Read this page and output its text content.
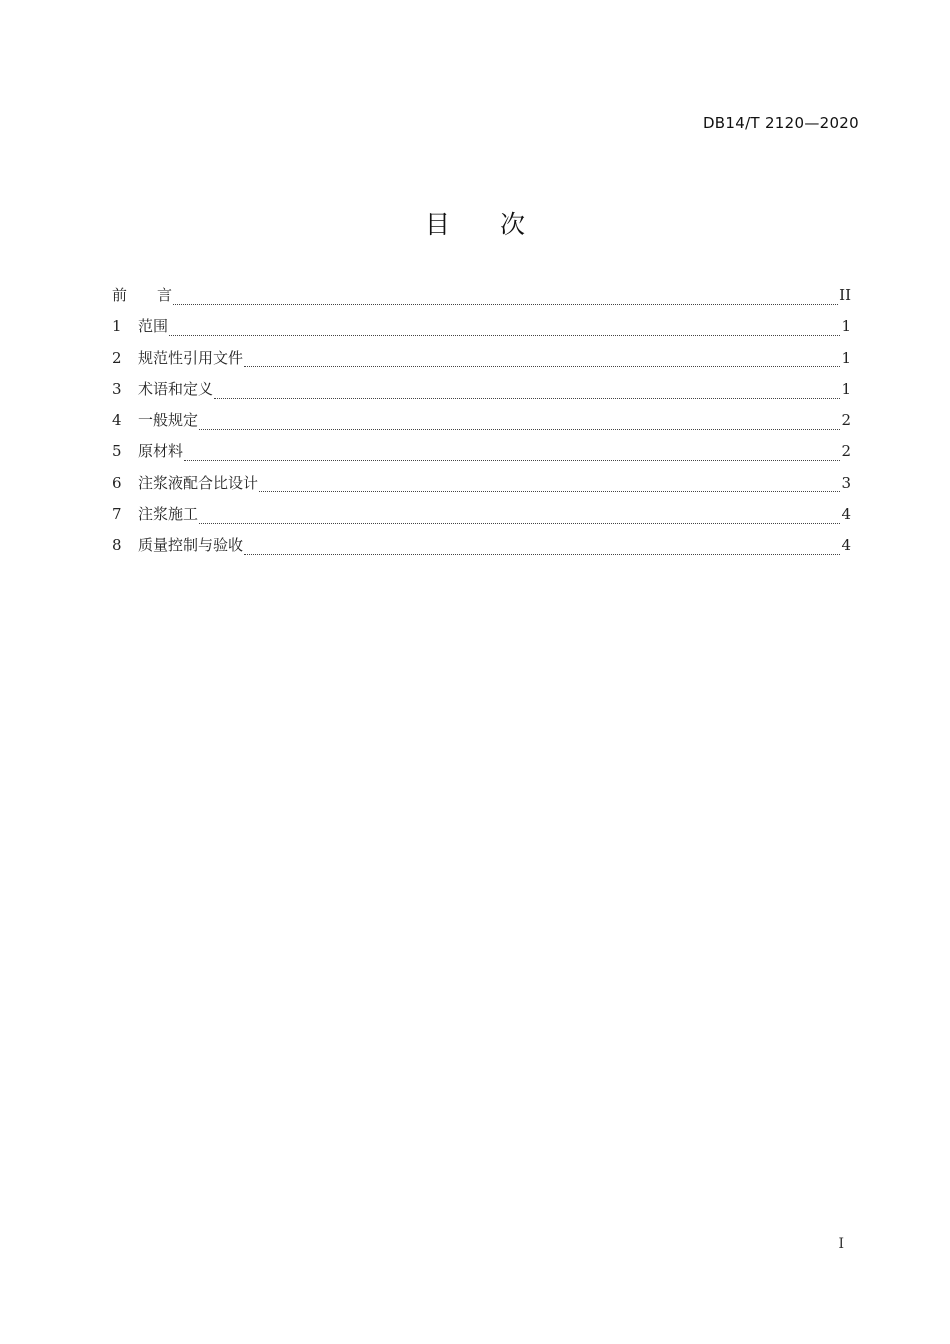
DB14/T 2120—2020
目　　次
前　　言	II
1	范围	1
2	规范性引用文件	1
3	术语和定义	1
4	一般规定	2
5	原材料	2
6	注浆液配合比设计	3
7	注浆施工	4
8	质量控制与验收	4
I
